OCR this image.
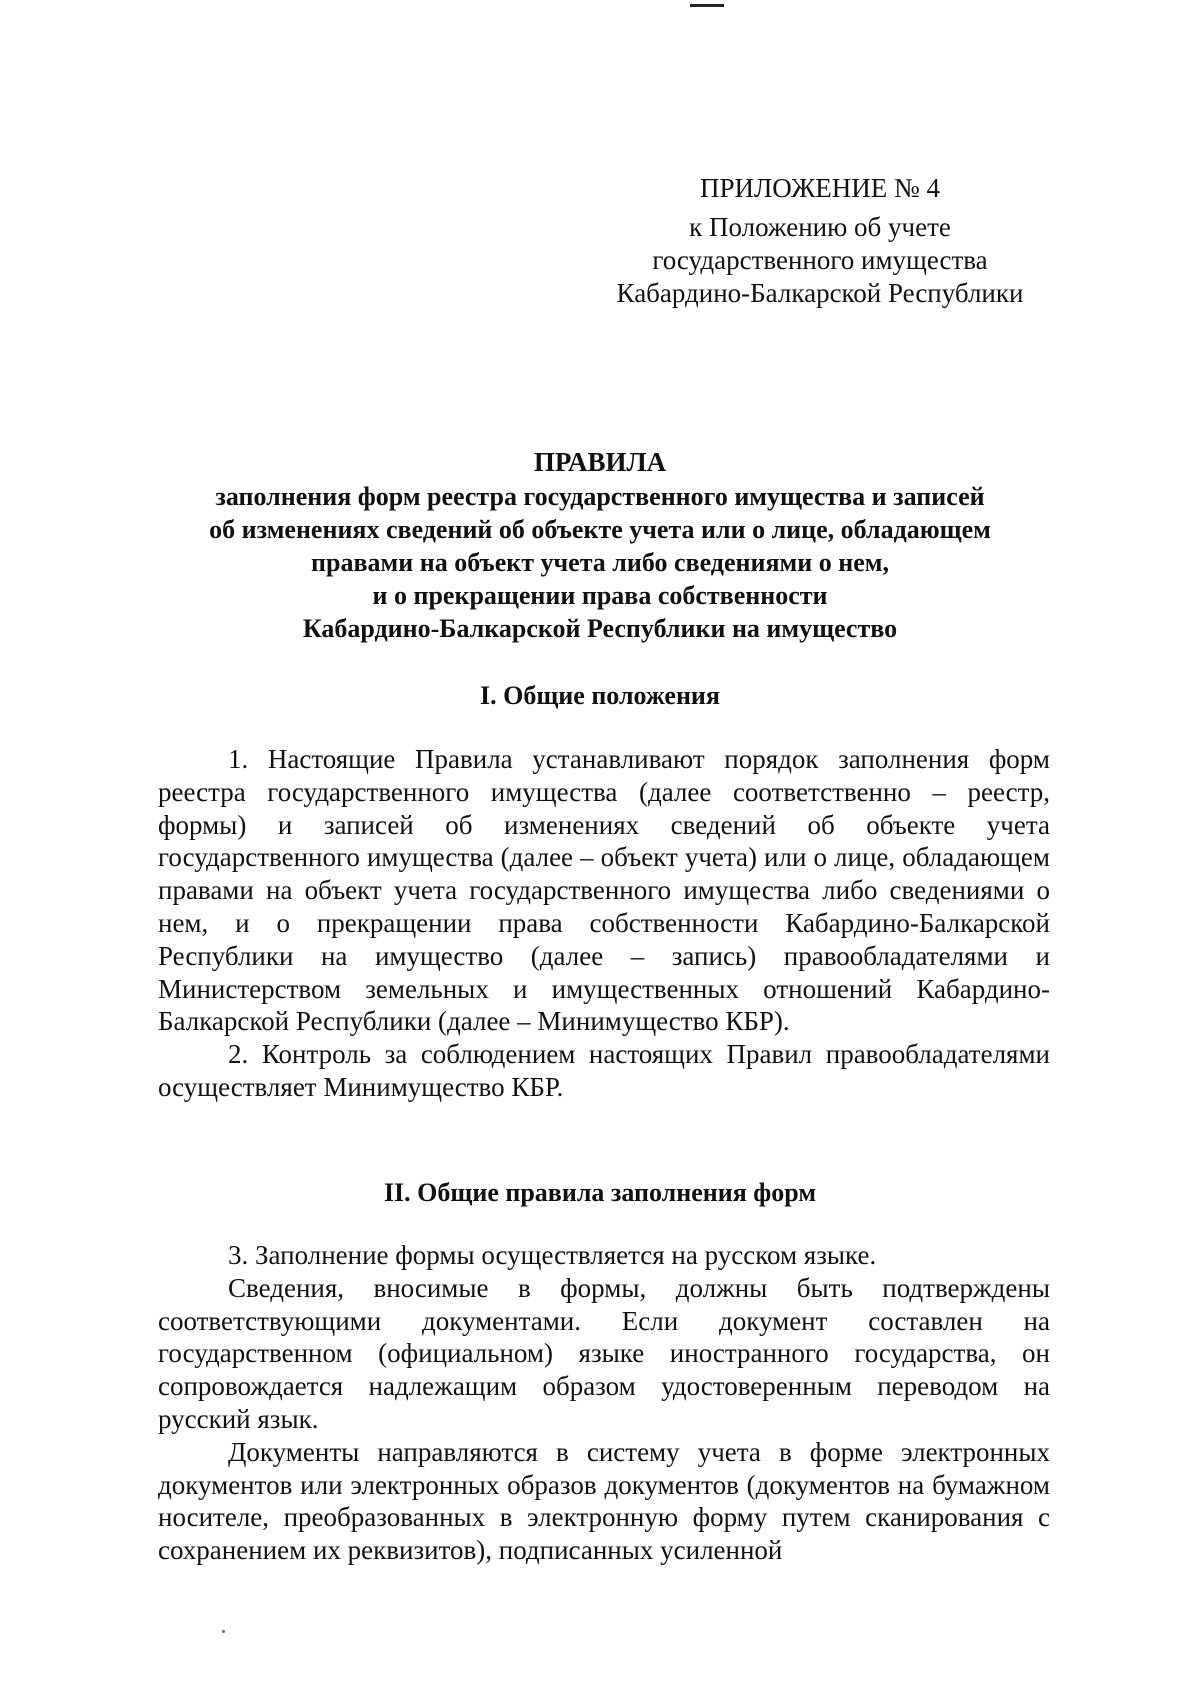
ПРИЛОЖЕНИЕ № 4
к Положению об учете
государственного имущества
Кабардино-Балкарской Республики
ПРАВИЛА
заполнения форм реестра государственного имущества и записей
об изменениях сведений об объекте учета или о лице, обладающем
правами на объект учета либо сведениями о нем,
и о прекращении права собственности
Кабардино-Балкарской Республики на имущество
I. Общие положения

1. Настоящие Правила устанавливают порядок заполнения форм реестра государственного имущества (далее соответственно – реестр, формы) и записей об изменениях сведений об объекте учета государственного имущества (далее – объект учета) или о лице, обладающем правами на объект учета государственного имущества либо сведениями о нем, и о прекращении права собственности Кабардино-Балкарской Республики на имущество (далее – запись) правообладателями и Министерством земельных и имущественных отношений Кабардино-Балкарской Республики (далее – Минимущество КБР).

2. Контроль за соблюдением настоящих Правил правообладателями осуществляет Минимущество КБР.

II. Общие правила заполнения форм

3. Заполнение формы осуществляется на русском языке.

Сведения, вносимые в формы, должны быть подтверждены соответствующими документами. Если документ составлен на государственном (официальном) языке иностранного государства, он сопровождается надлежащим образом удостоверенным переводом на русский язык.

Документы направляются в систему учета в форме электронных документов или электронных образов документов (документов на бумажном носителе, преобразованных в электронную форму путем сканирования с сохранением их реквизитов), подписанных усиленной
